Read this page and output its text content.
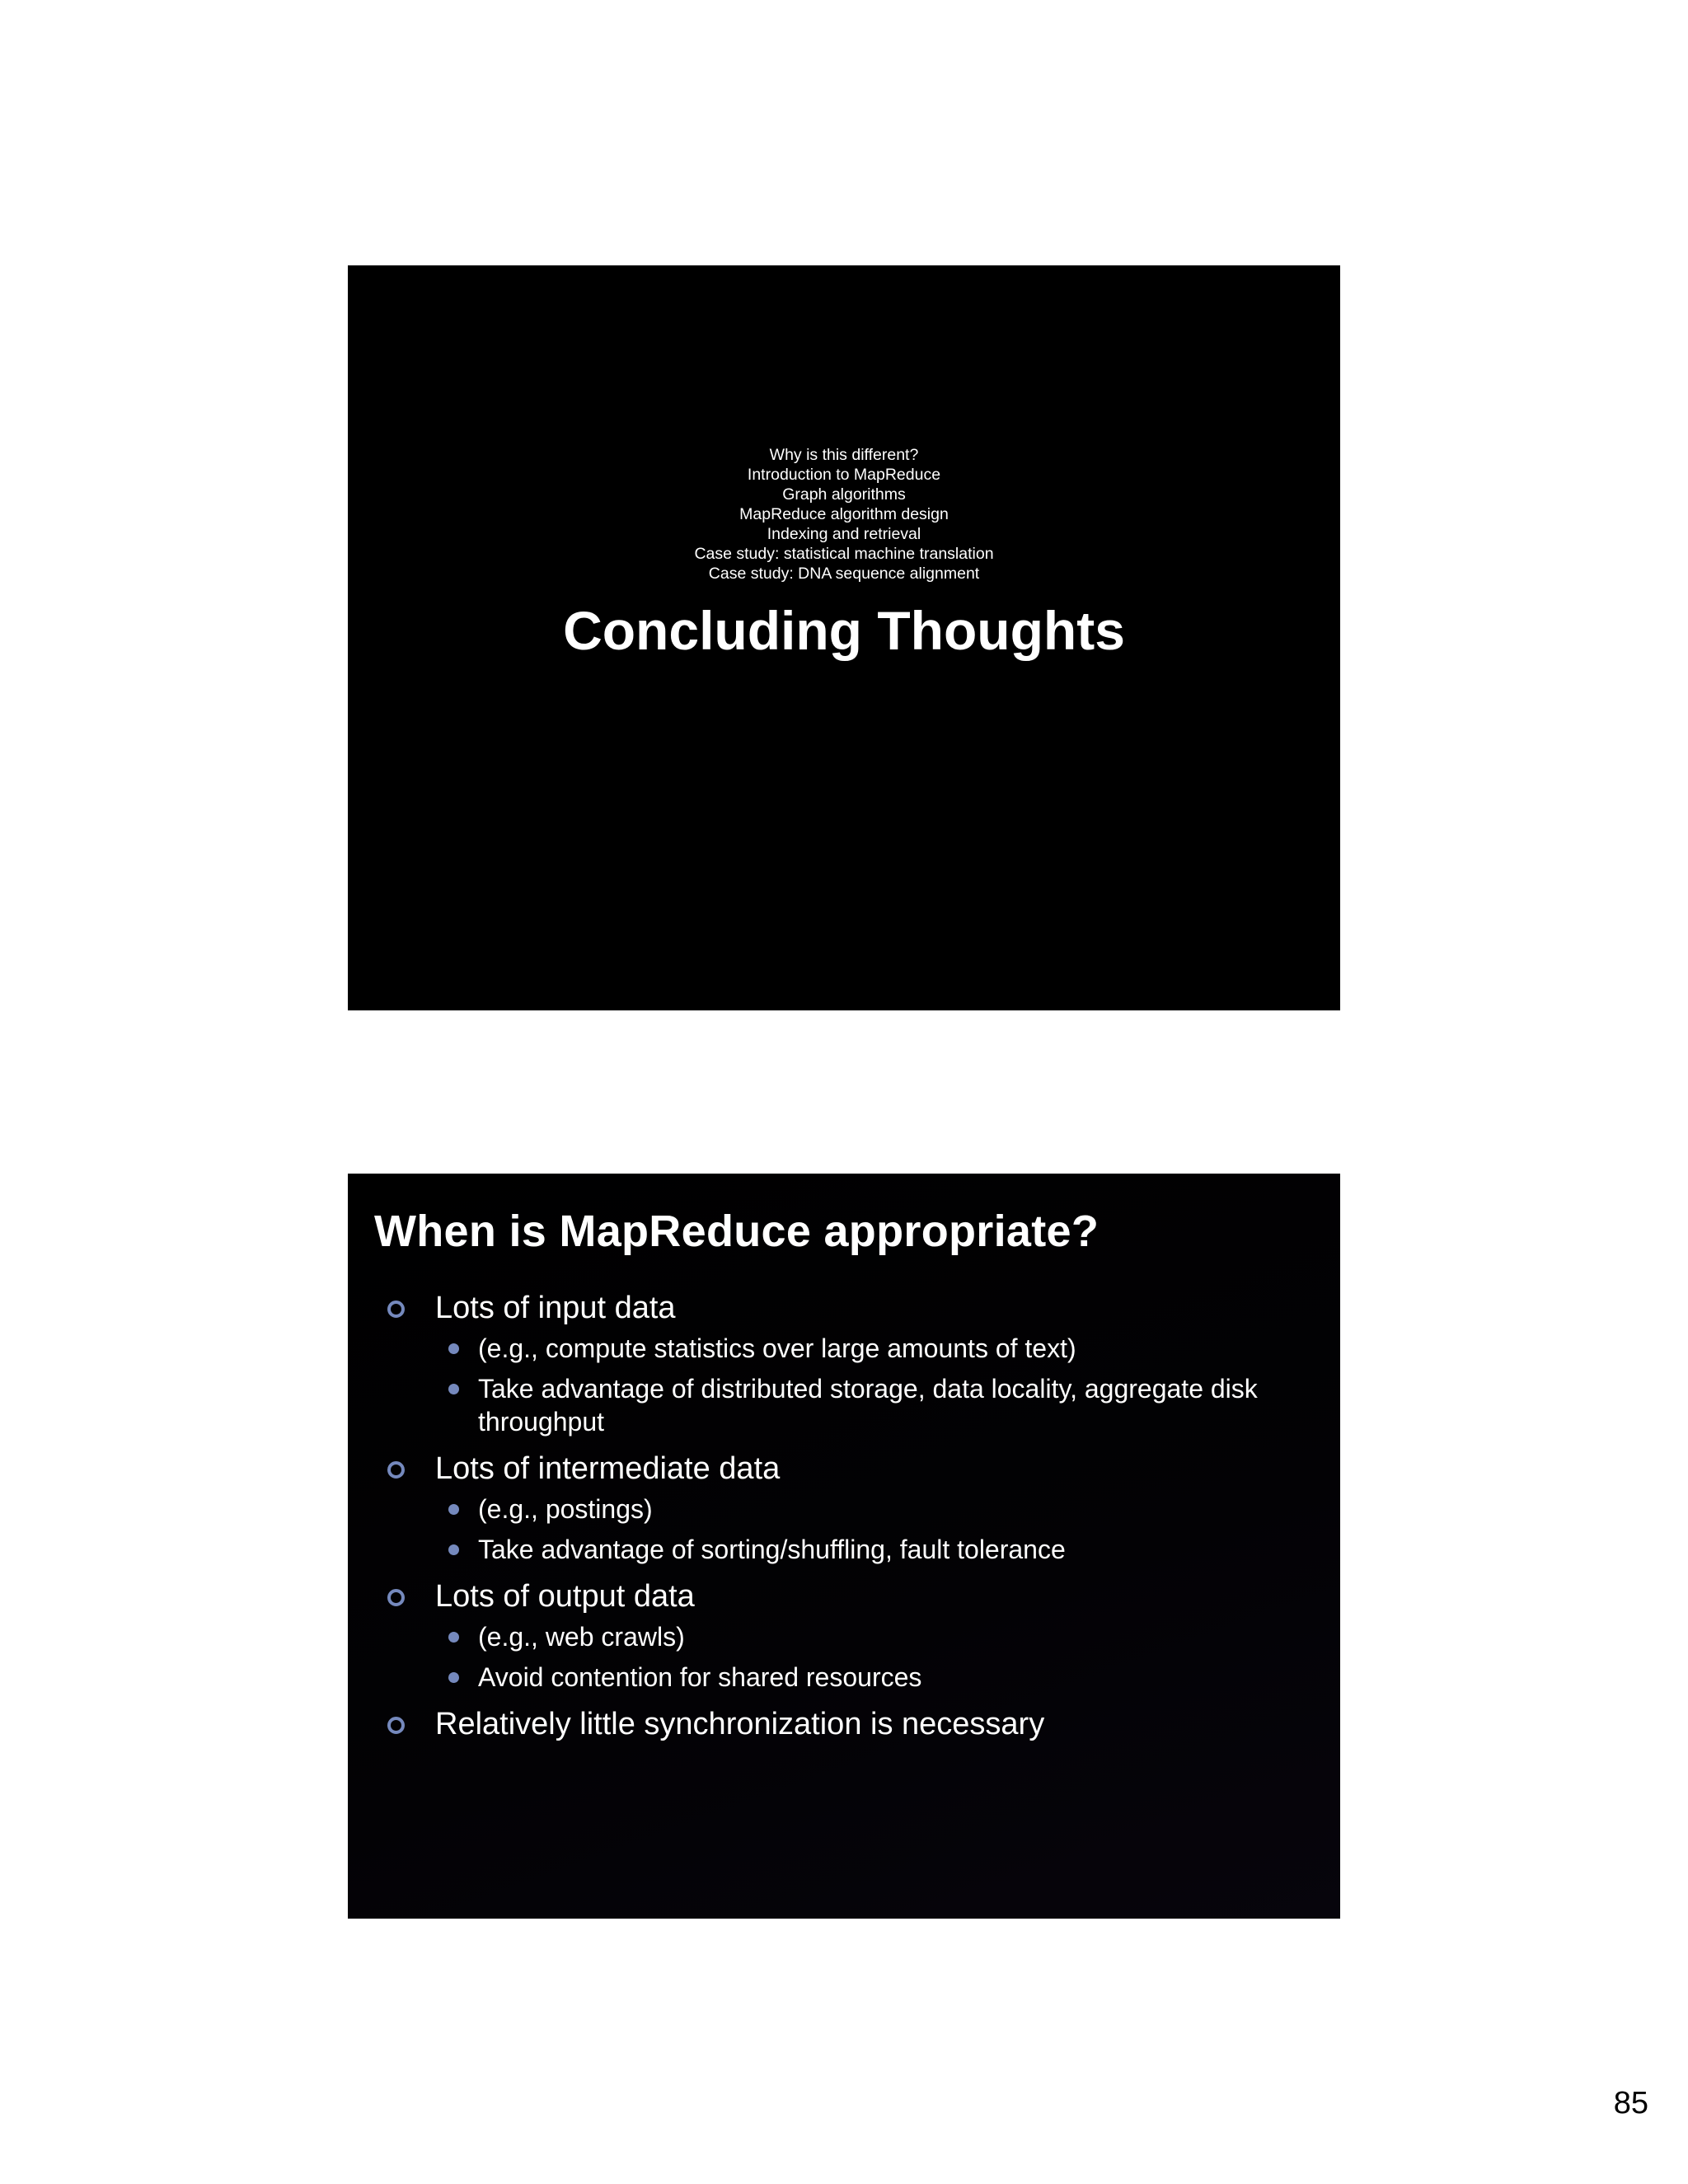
Why is this different?
Introduction to MapReduce
Graph algorithms
MapReduce algorithm design
Indexing and retrieval
Case study: statistical machine translation
Case study: DNA sequence alignment
Concluding Thoughts
When is MapReduce appropriate?
Lots of input data
(e.g., compute statistics over large amounts of text)
Take advantage of distributed storage, data locality, aggregate disk throughput
Lots of intermediate data
(e.g., postings)
Take advantage of sorting/shuffling, fault tolerance
Lots of output data
(e.g., web crawls)
Avoid contention for shared resources
Relatively little synchronization is necessary
85
